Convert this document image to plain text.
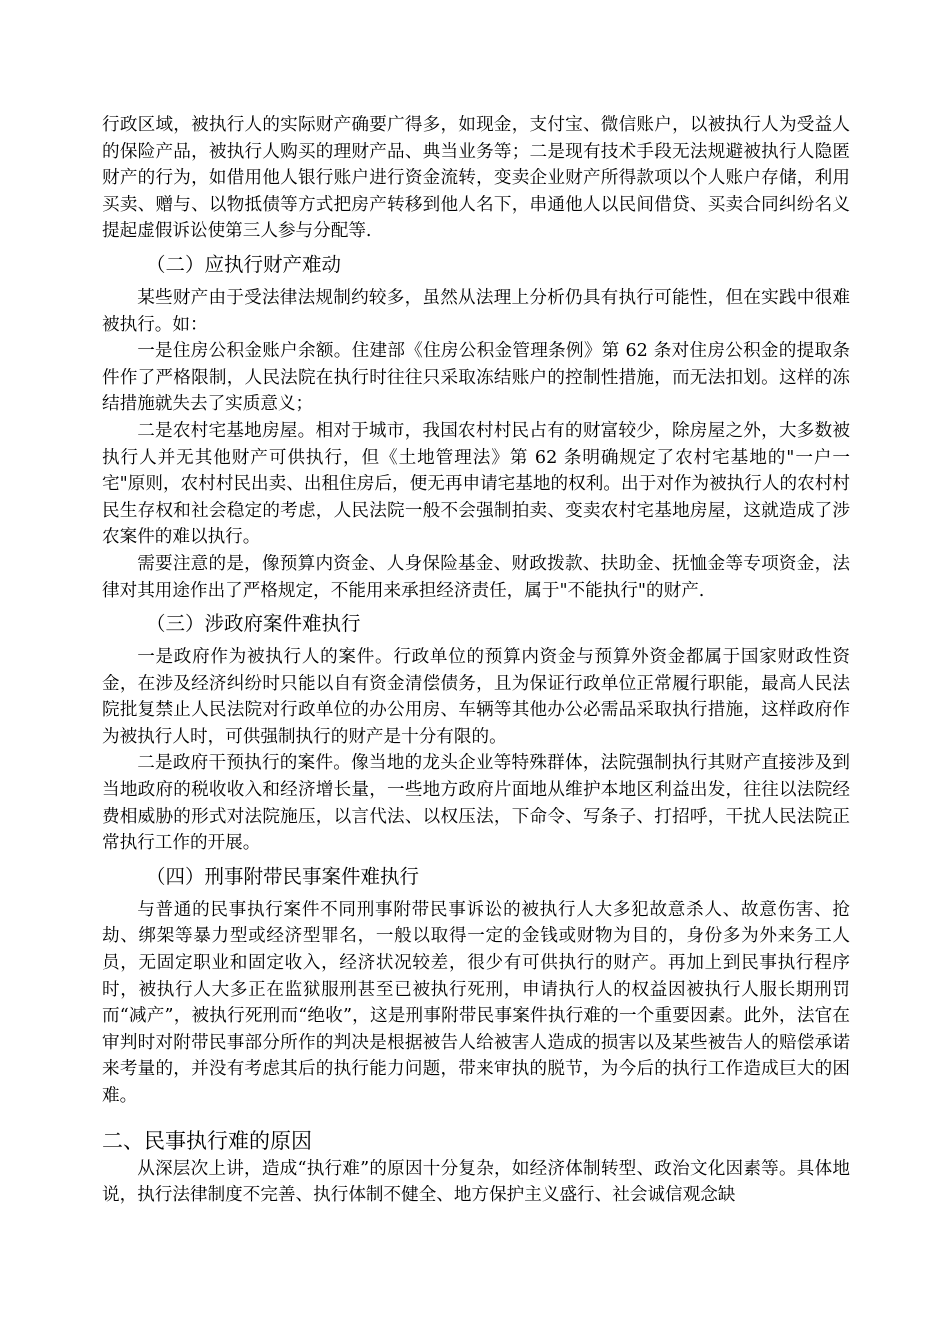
行政区域，被执行人的实际财产确要广得多，如现金，支付宝、微信账户，以被执行人为受益人的保险产品，被执行人购买的理财产品、典当业务等；二是现有技术手段无法规避被执行人隐匿财产的行为，如借用他人银行账户进行资金流转，变卖企业财产所得款项以个人账户存储，利用买卖、赠与、以物抵债等方式把房产转移到他人名下，串通他人以民间借贷、买卖合同纠纷名义提起虚假诉讼使第三人参与分配等.

（二）应执行财产难动

某些财产由于受法律法规制约较多，虽然从法理上分析仍具有执行可能性，但在实践中很难被执行。如：

一是住房公积金账户余额。住建部《住房公积金管理条例》第 62 条对住房公积金的提取条件作了严格限制，人民法院在执行时往往只采取冻结账户的控制性措施，而无法扣划。这样的冻结措施就失去了实质意义；

二是农村宅基地房屋。相对于城市，我国农村村民占有的财富较少，除房屋之外，大多数被执行人并无其他财产可供执行，但《土地管理法》第 62 条明确规定了农村宅基地的"一户一宅"原则，农村村民出卖、出租住房后，便无再申请宅基地的权利。出于对作为被执行人的农村村民生存权和社会稳定的考虑，人民法院一般不会强制拍卖、变卖农村宅基地房屋，这就造成了涉农案件的难以执行。

需要注意的是，像预算内资金、人身保险基金、财政拨款、扶助金、抚恤金等专项资金，法律对其用途作出了严格规定，不能用来承担经济责任，属于"不能执行"的财产.

（三）涉政府案件难执行

一是政府作为被执行人的案件。行政单位的预算内资金与预算外资金都属于国家财政性资金，在涉及经济纠纷时只能以自有资金清偿债务，且为保证行政单位正常履行职能，最高人民法院批复禁止人民法院对行政单位的办公用房、车辆等其他办公必需品采取执行措施，这样政府作为被执行人时，可供强制执行的财产是十分有限的。

二是政府干预执行的案件。像当地的龙头企业等特殊群体，法院强制执行其财产直接涉及到当地政府的税收收入和经济增长量，一些地方政府片面地从维护本地区利益出发，往往以法院经费相威胁的形式对法院施压，以言代法、以权压法，下命令、写条子、打招呼，干扰人民法院正常执行工作的开展。

（四）刑事附带民事案件难执行

与普通的民事执行案件不同刑事附带民事诉讼的被执行人大多犯故意杀人、故意伤害、抢劫、绑架等暴力型或经济型罪名，一般以取得一定的金钱或财物为目的，身份多为外来务工人员，无固定职业和固定收入，经济状况较差，很少有可供执行的财产。再加上到民事执行程序时，被执行人大多正在监狱服刑甚至已被执行死刑，申请执行人的权益因被执行人服长期刑罚而“减产”，被执行死刑而“绝收”，这是刑事附带民事案件执行难的一个重要因素。此外，法官在审判时对附带民事部分所作的判决是根据被告人给被害人造成的损害以及某些被告人的赔偿承诺来考量的，并没有考虑其后的执行能力问题，带来审执的脱节，为今后的执行工作造成巨大的困难。

二、民事执行难的原因

从深层次上讲，造成“执行难”的原因十分复杂，如经济体制转型、政治文化因素等。具体地说，执行法律制度不完善、执行体制不健全、地方保护主义盛行、社会诚信观念缺
